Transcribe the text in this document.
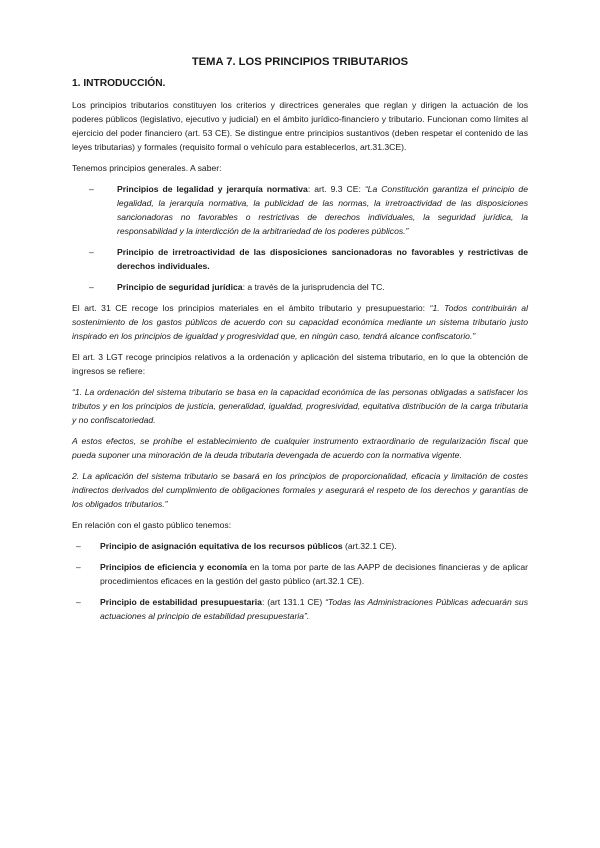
TEMA 7. LOS PRINCIPIOS TRIBUTARIOS
1. INTRODUCCIÓN.

Los principios tributarios constituyen los criterios y directrices generales que reglan y dirigen la actuación de los poderes públicos (legislativo, ejecutivo y judicial) en el ámbito jurídico-financiero y tributario. Funcionan como límites al ejercicio del poder financiero (art. 53 CE). Se distingue entre principios sustantivos (deben respetar el contenido de las leyes tributarias) y formales (requisito formal o vehículo para establecerlos, art.31.3CE).

Tenemos principios generales. A saber:

–	Principios de legalidad y jerarquía normativa: art. 9.3 CE: “La Constitución garantiza el principio de legalidad, la jerarquía normativa, la publicidad de las normas, la irretroactividad de las disposiciones sancionadoras no favorables o restrictivas de derechos individuales, la seguridad jurídica, la responsabilidad y la interdicción de la arbitrariedad de los poderes públicos.”
–	Principio de irretroactividad de las disposiciones sancionadoras no favorables y restrictivas de derechos individuales.
–	Principio de seguridad jurídica: a través de la jurisprudencia del TC.

El art. 31 CE recoge los principios materiales en el ámbito tributario y presupuestario: “1. Todos contribuirán al sostenimiento de los gastos públicos de acuerdo con su capacidad económica mediante un sistema tributario justo inspirado en los principios de igualdad y progresividad que, en ningún caso, tendrá alcance confiscatorio.”

El art. 3 LGT recoge principios relativos a la ordenación y aplicación del sistema tributario, en lo que la obtención de ingresos se refiere:

“1. La ordenación del sistema tributario se basa en la capacidad económica de las personas obligadas a satisfacer los tributos y en los principios de justicia, generalidad, igualdad, progresividad, equitativa distribución de la carga tributaria y no confiscatoriedad.

A estos efectos, se prohíbe el establecimiento de cualquier instrumento extraordinario de regularización fiscal que pueda suponer una minoración de la deuda tributaria devengada de acuerdo con la normativa vigente.

2. La aplicación del sistema tributario se basará en los principios de proporcionalidad, eficacia y limitación de costes indirectos derivados del cumplimiento de obligaciones formales y asegurará el respeto de los derechos y garantías de los obligados tributarios.”

En relación con el gasto público tenemos:

– Principio de asignación equitativa de los recursos públicos (art.32.1 CE).
– Principios de eficiencia y economía en la toma por parte de las AAPP de decisiones financieras y de aplicar procedimientos eficaces en la gestión del gasto público (art.32.1 CE).
– Principio de estabilidad presupuestaria: (art 131.1 CE) “Todas las Administraciones Públicas adecuarán sus actuaciones al principio de estabilidad presupuestaria”.
